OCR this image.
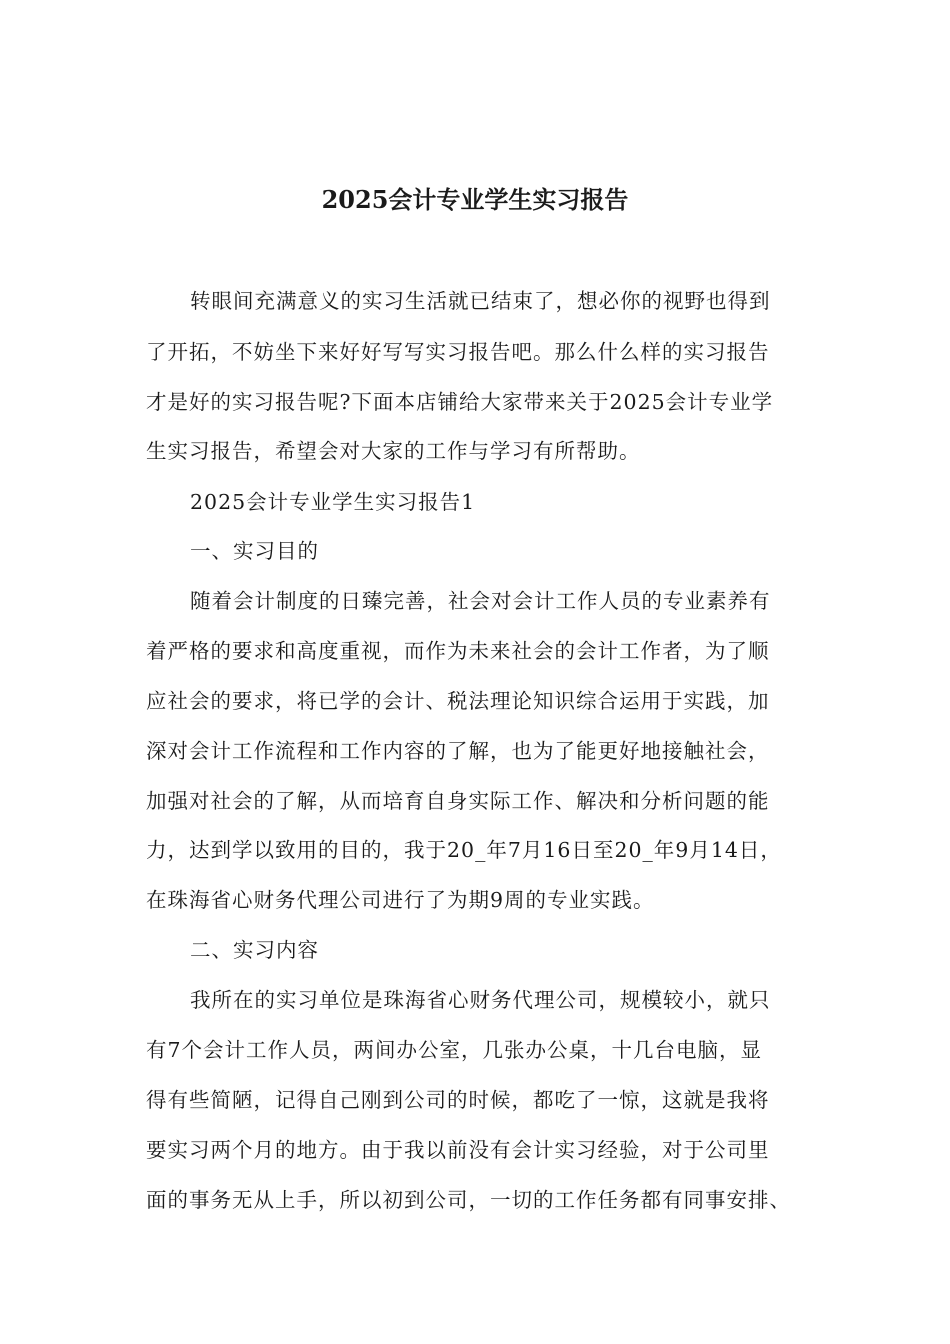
2025会计专业学生实习报告
转眼间充满意义的实习生活就已结束了，想必你的视野也得到
了开拓，不妨坐下来好好写写实习报告吧。那么什么样的实习报告
才是好的实习报告呢?下面本店铺给大家带来关于2025会计专业学
生实习报告，希望会对大家的工作与学习有所帮助。
2025会计专业学生实习报告1
一、实习目的
随着会计制度的日臻完善，社会对会计工作人员的专业素养有
着严格的要求和高度重视，而作为未来社会的会计工作者，为了顺
应社会的要求，将已学的会计、税法理论知识综合运用于实践，加
深对会计工作流程和工作内容的了解，也为了能更好地接触社会，
加强对社会的了解，从而培育自身实际工作、解决和分析问题的能
力，达到学以致用的目的，我于20_年7月16日至20_年9月14日，
在珠海省心财务代理公司进行了为期9周的专业实践。
二、实习内容
我所在的实习单位是珠海省心财务代理公司，规模较小，就只
有7个会计工作人员，两间办公室，几张办公桌，十几台电脑，显
得有些简陋，记得自己刚到公司的时候，都吃了一惊，这就是我将
要实习两个月的地方。由于我以前没有会计实习经验，对于公司里
面的事务无从上手，所以初到公司，一切的工作任务都有同事安排、
